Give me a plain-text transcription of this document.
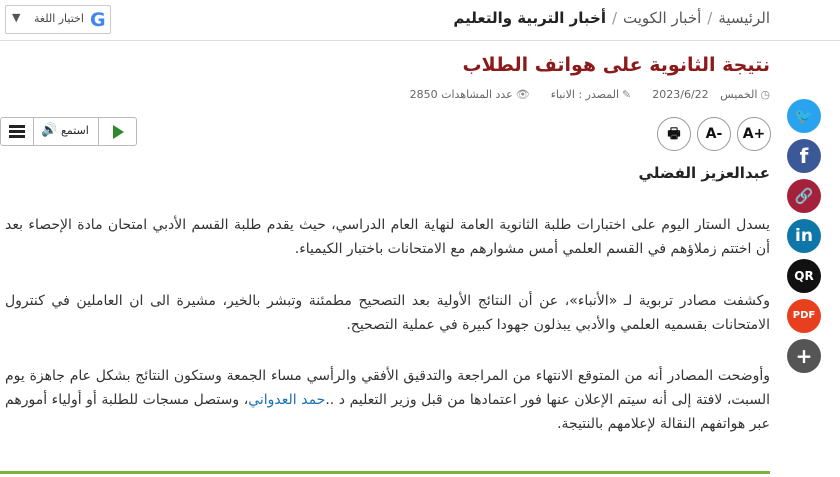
الرئيسية/أخبار الكويت/أخبار التربية والتعليم
G
اختيار اللغة
▼
نتيجة الثانوية على هواتف الطلاب
◷الخميس 2023/6/22  ✎المصدر : الانباء  👁عدد المشاهدات 2850
🔊 استمع	A+
A-
🖶
عبدالعزيز الفضلي
يسدل الستار اليوم على اختبارات طلبة الثانوية العامة لنهاية العام الدراسي، حيث يقدم طلبة القسم الأدبي امتحان مادة الإحصاء بعد أن اختتم زملاؤهم في القسم العلمي أمس مشوارهم مع الامتحانات باختبار الكيمياء.
وكشفت مصادر تربوية لـ «الأنباء»، عن أن النتائج الأولية بعد التصحيح مطمئنة وتبشر بالخير، مشيرة الى ان العاملين في كنترول الامتحانات بقسميه العلمي والأدبي يبذلون جهودا كبيرة في عملية التصحيح.
وأوضحت المصادر أنه من المتوقع الانتهاء من المراجعة والتدقيق الأفقي والرأسي مساء الجمعة وستكون النتائج بشكل عام جاهزة يوم السبت، لافتة إلى أنه سيتم الإعلان عنها فور اعتمادها من قبل وزير التعليم د ..حمد العدواني، وستصل مسجات للطلبة أو أولياء أمورهم عبر هواتفهم النقالة لإعلامهم بالنتيجة.
🐦
f
🔗
in
QR
PDF
+
